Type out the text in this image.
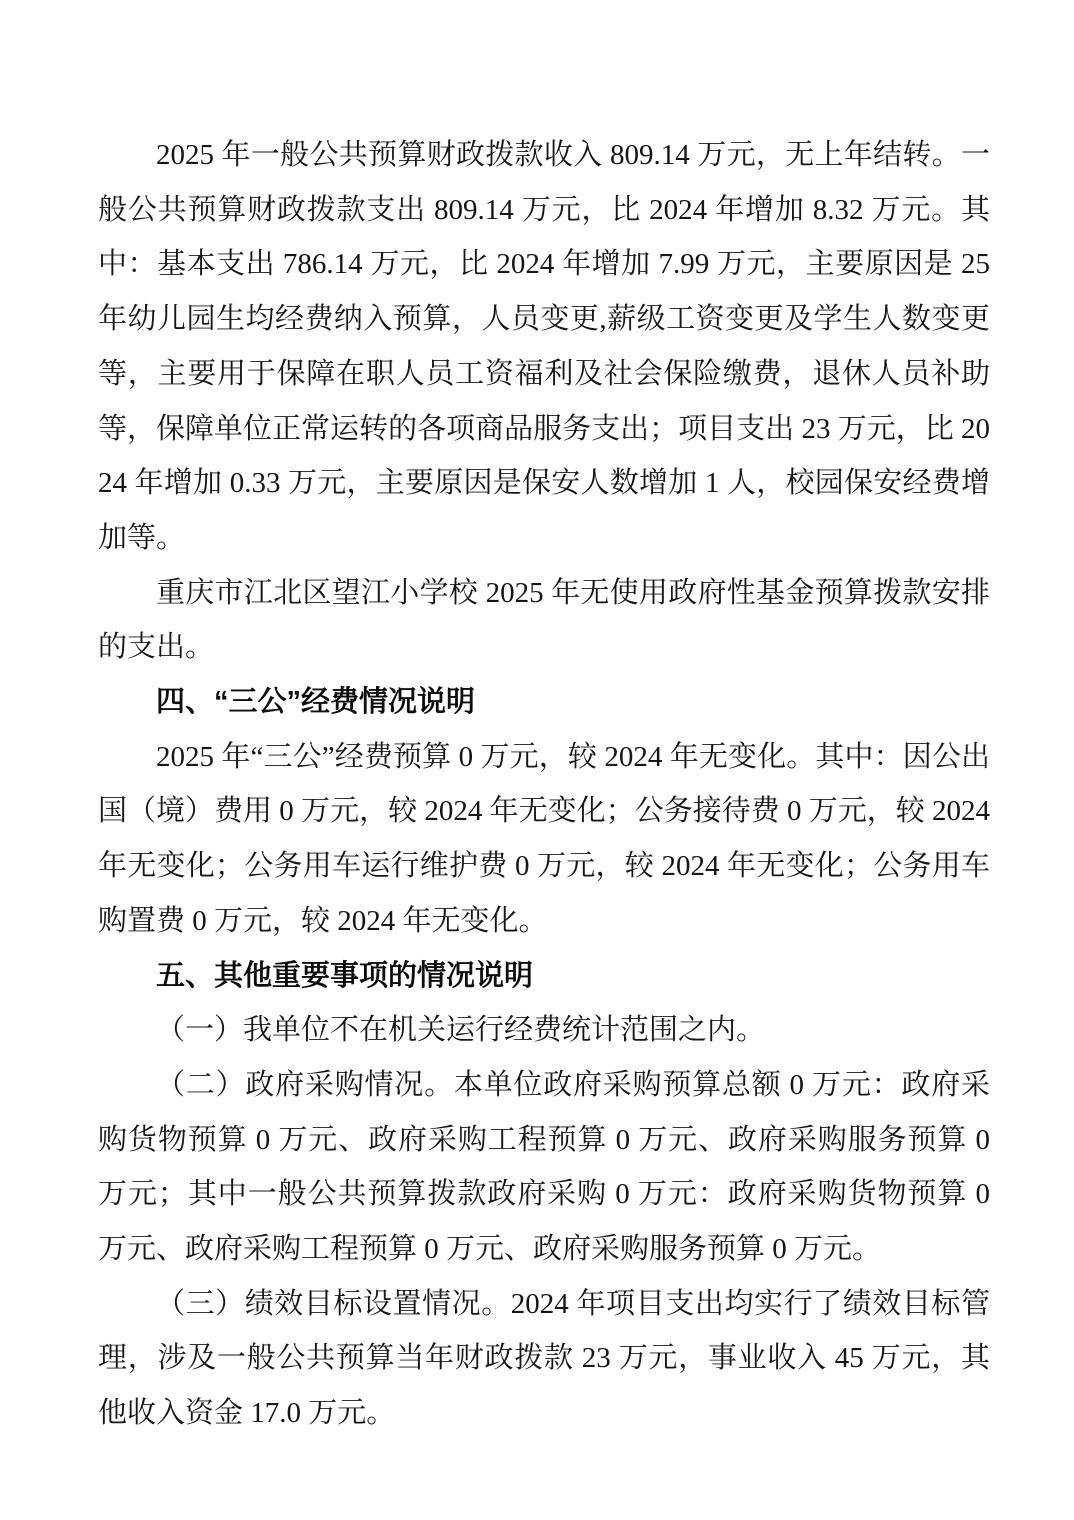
2025 年一般公共预算财政拨款收入 809.14 万元，无上年结转。一般公共预算财政拨款支出 809.14 万元，比 2024 年增加 8.32 万元。其中：基本支出 786.14 万元，比 2024 年增加 7.99 万元，主要原因是 25 年幼儿园生均经费纳入预算，人员变更,薪级工资变更及学生人数变更等，主要用于保障在职人员工资福利及社会保险缴费，退休人员补助等，保障单位正常运转的各项商品服务支出；项目支出 23 万元，比 2024 年增加 0.33 万元，主要原因是保安人数增加 1 人，校园保安经费增加等。

重庆市江北区望江小学校 2025 年无使用政府性基金预算拨款安排的支出。

四、“三公”经费情况说明

2025 年“三公”经费预算 0 万元，较 2024 年无变化。其中：因公出国（境）费用 0 万元，较 2024 年无变化；公务接待费 0 万元，较 2024 年无变化；公务用车运行维护费 0 万元，较 2024 年无变化；公务用车购置费 0 万元，较 2024 年无变化。

五、其他重要事项的情况说明

（一）我单位不在机关运行经费统计范围之内。

（二）政府采购情况。本单位政府采购预算总额 0 万元：政府采购货物预算 0 万元、政府采购工程预算 0 万元、政府采购服务预算 0 万元；其中一般公共预算拨款政府采购 0 万元：政府采购货物预算 0 万元、政府采购工程预算 0 万元、政府采购服务预算 0 万元。

（三）绩效目标设置情况。2024 年项目支出均实行了绩效目标管理，涉及一般公共预算当年财政拨款 23 万元，事业收入 45 万元，其他收入资金 17.0 万元。
